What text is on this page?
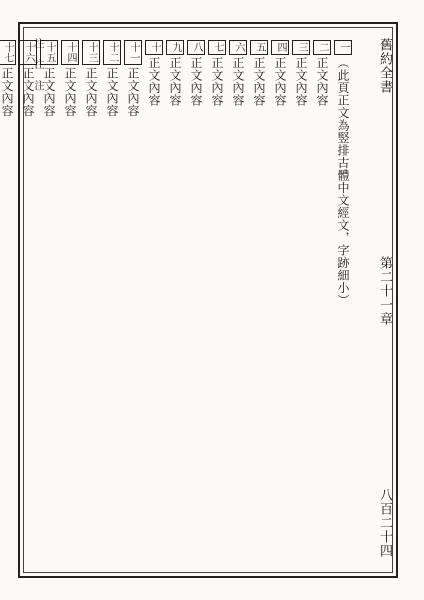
舊約全書
第二十一章
八百二十四
一（此頁正文為竪排古體中文經文，字跡細小）
二正文內容
三正文內容
四正文內容
五正文內容
六正文內容
七正文內容
八正文內容
九正文內容
十正文內容
十一正文內容
十二正文內容
十三正文內容
十四正文內容
十五正文內容
十六正文內容
十七正文內容
注
注
注
